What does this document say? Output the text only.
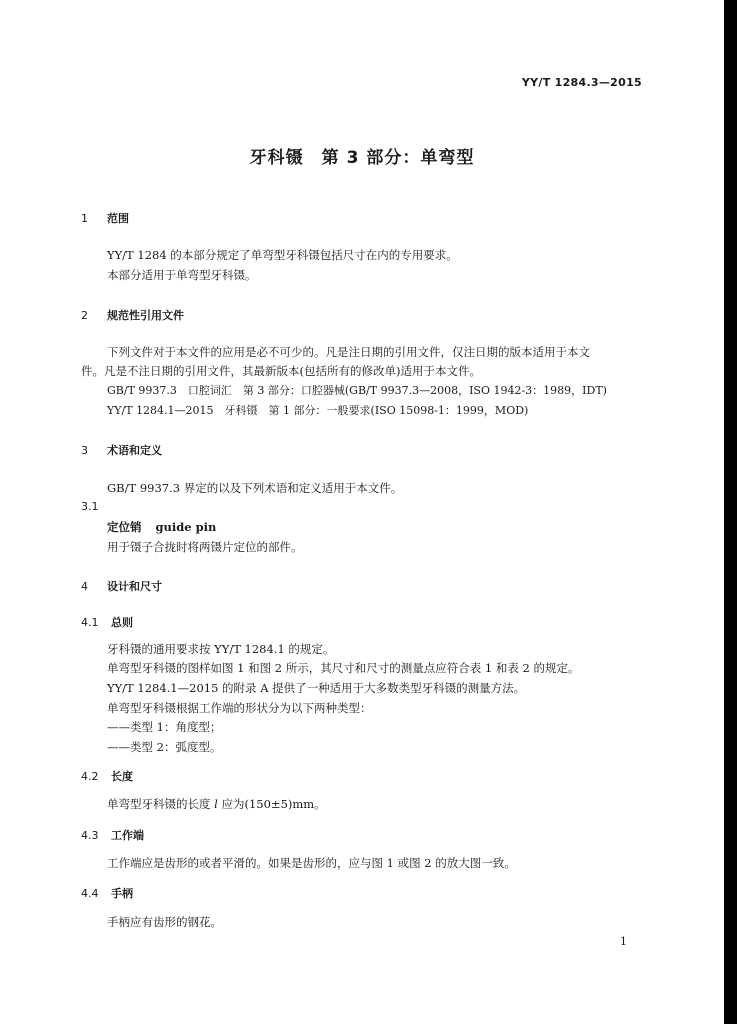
YY/T 1284.3—2015
牙科镊　第 3 部分：单弯型
1 范围
YY/T 1284 的本部分规定了单弯型牙科镊包括尺寸在内的专用要求。
本部分适用于单弯型牙科镊。
2 规范性引用文件
下列文件对于本文件的应用是必不可少的。凡是注日期的引用文件，仅注日期的版本适用于本文
件。凡是不注日期的引用文件，其最新版本(包括所有的修改单)适用于本文件。
GB/T 9937.3　口腔词汇　第 3 部分：口腔器械(GB/T 9937.3—2008，ISO 1942-3：1989，IDT)
YY/T 1284.1—2015　牙科镊　第 1 部分：一般要求(ISO 15098-1：1999，MOD)
3 术语和定义
GB/T 9937.3 界定的以及下列术语和定义适用于本文件。
3.1
定位销 guide pin
用于镊子合拢时将两镊片定位的部件。
4 设计和尺寸
4.1 总则
牙科镊的通用要求按 YY/T 1284.1 的规定。
单弯型牙科镊的图样如图 1 和图 2 所示，其尺寸和尺寸的测量点应符合表 1 和表 2 的规定。
YY/T 1284.1—2015 的附录 A 提供了一种适用于大多数类型牙科镊的测量方法。
单弯型牙科镊根据工作端的形状分为以下两种类型：
——类型 1：角度型；
——类型 2：弧度型。
4.2 长度
单弯型牙科镊的长度 l 应为(150±5)mm。
4.3 工作端
工作端应是齿形的或者平滑的。如果是齿形的，应与图 1 或图 2 的放大图一致。
4.4 手柄
手柄应有齿形的钢花。
1
